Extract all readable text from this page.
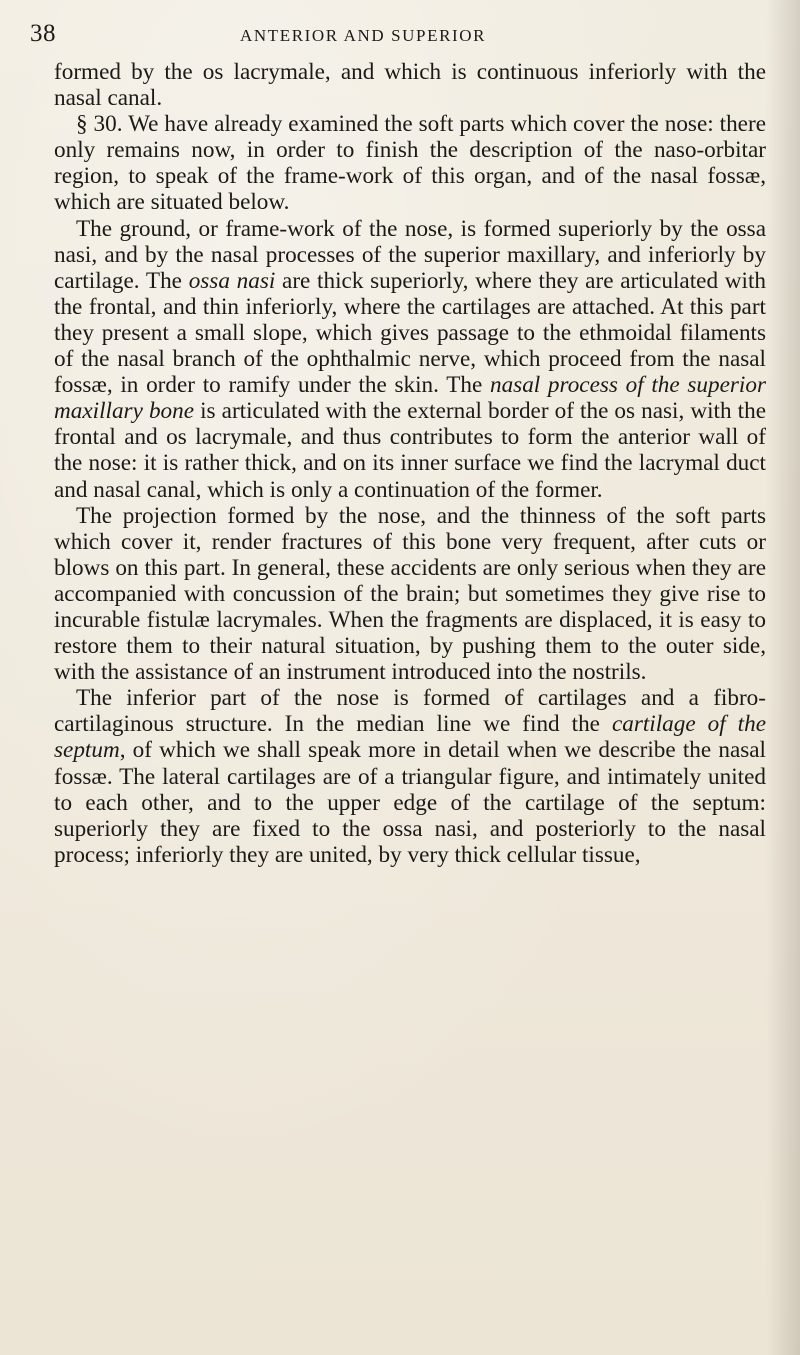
38	ANTERIOR AND SUPERIOR

formed by the os lacrymale, and which is continuous inferiorly with the nasal canal.

§ 30. We have already examined the soft parts which cover the nose: there only remains now, in order to finish the description of the naso-orbitar region, to speak of the frame-work of this organ, and of the nasal fossæ, which are situated below.

The ground, or frame-work of the nose, is formed superiorly by the ossa nasi, and by the nasal processes of the superior maxillary, and inferiorly by cartilage. The ossa nasi are thick superiorly, where they are articulated with the frontal, and thin inferiorly, where the cartilages are attached. At this part they present a small slope, which gives passage to the ethmoidal filaments of the nasal branch of the ophthalmic nerve, which proceed from the nasal fossæ, in order to ramify under the skin. The nasal process of the superior maxillary bone is articulated with the external border of the os nasi, with the frontal and os lacrymale, and thus contributes to form the anterior wall of the nose: it is rather thick, and on its inner surface we find the lacrymal duct and nasal canal, which is only a continuation of the former.

The projection formed by the nose, and the thinness of the soft parts which cover it, render fractures of this bone very frequent, after cuts or blows on this part. In general, these accidents are only serious when they are accompanied with concussion of the brain; but sometimes they give rise to incurable fistulæ lacrymales. When the fragments are displaced, it is easy to restore them to their natural situation, by pushing them to the outer side, with the assistance of an instrument introduced into the nostrils.

The inferior part of the nose is formed of cartilages and a fibro-cartilaginous structure. In the median line we find the cartilage of the septum, of which we shall speak more in detail when we describe the nasal fossæ. The lateral cartilages are of a triangular figure, and intimately united to each other, and to the upper edge of the cartilage of the septum: superiorly they are fixed to the ossa nasi, and posteriorly to the nasal process; inferiorly they are united, by very thick cellular tissue,
